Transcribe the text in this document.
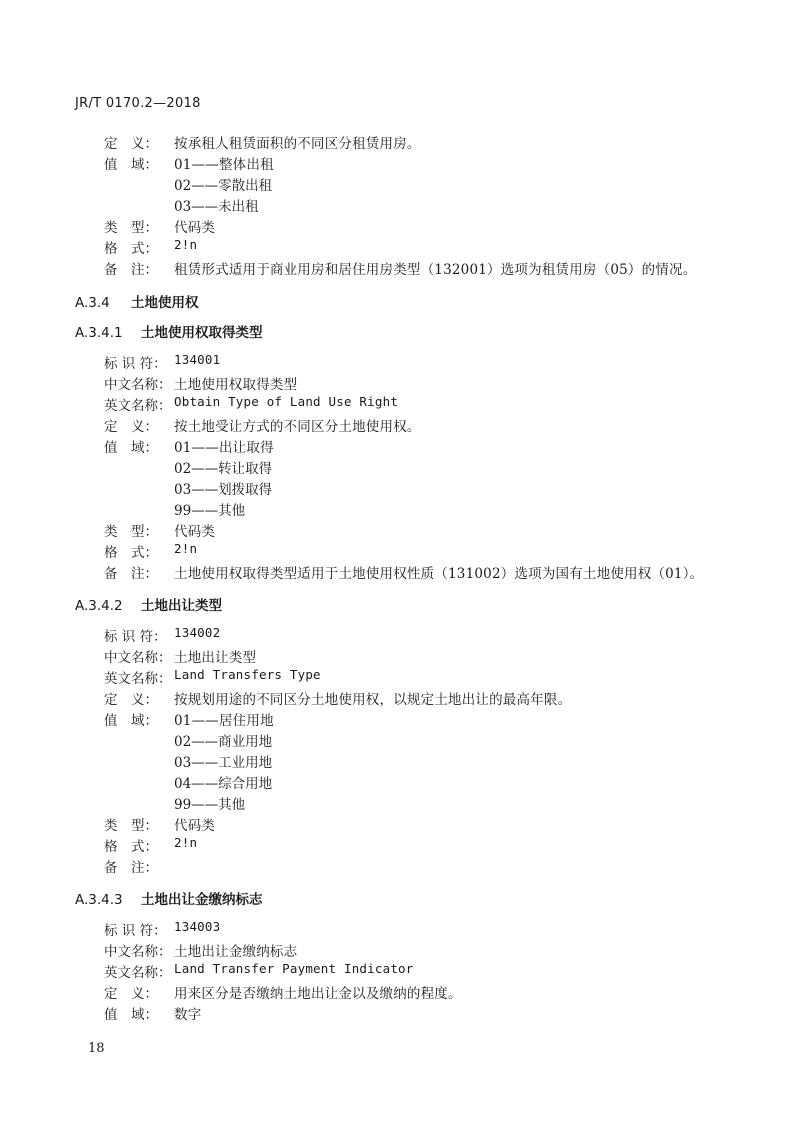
JR/T 0170.2—2018
定　义：	按承租人租赁面积的不同区分租赁用房。
值　域：	01——整体出租
02——零散出租
03——未出租
类　型：	代码类
格　式：	2!n
备　注：	租赁形式适用于商业用房和居住用房类型（132001）选项为租赁用房（05）的情况。
A.3.4 土地使用权
A.3.4.1 土地使用权取得类型
标 识 符： 134001
中文名称： 土地使用权取得类型
英文名称： Obtain Type of Land Use Right
定　义：	按土地受让方式的不同区分土地使用权。
值　域：	01——出让取得
02——转让取得
03——划拨取得
99——其他
类　型：	代码类
格　式：	2!n
备　注：	土地使用权取得类型适用于土地使用权性质（131002）选项为国有土地使用权（01）。
A.3.4.2 土地出让类型
标 识 符： 134002
中文名称： 土地出让类型
英文名称： Land Transfers Type
定　义：	按规划用途的不同区分土地使用权，以规定土地出让的最高年限。
值　域：	01——居住用地
02——商业用地
03——工业用地
04——综合用地
99——其他
类　型：	代码类
格　式：	2!n
备　注：
A.3.4.3 土地出让金缴纳标志
标 识 符： 134003
中文名称： 土地出让金缴纳标志
英文名称： Land Transfer Payment Indicator
定　义：	用来区分是否缴纳土地出让金以及缴纳的程度。
值　域：	数字
18
